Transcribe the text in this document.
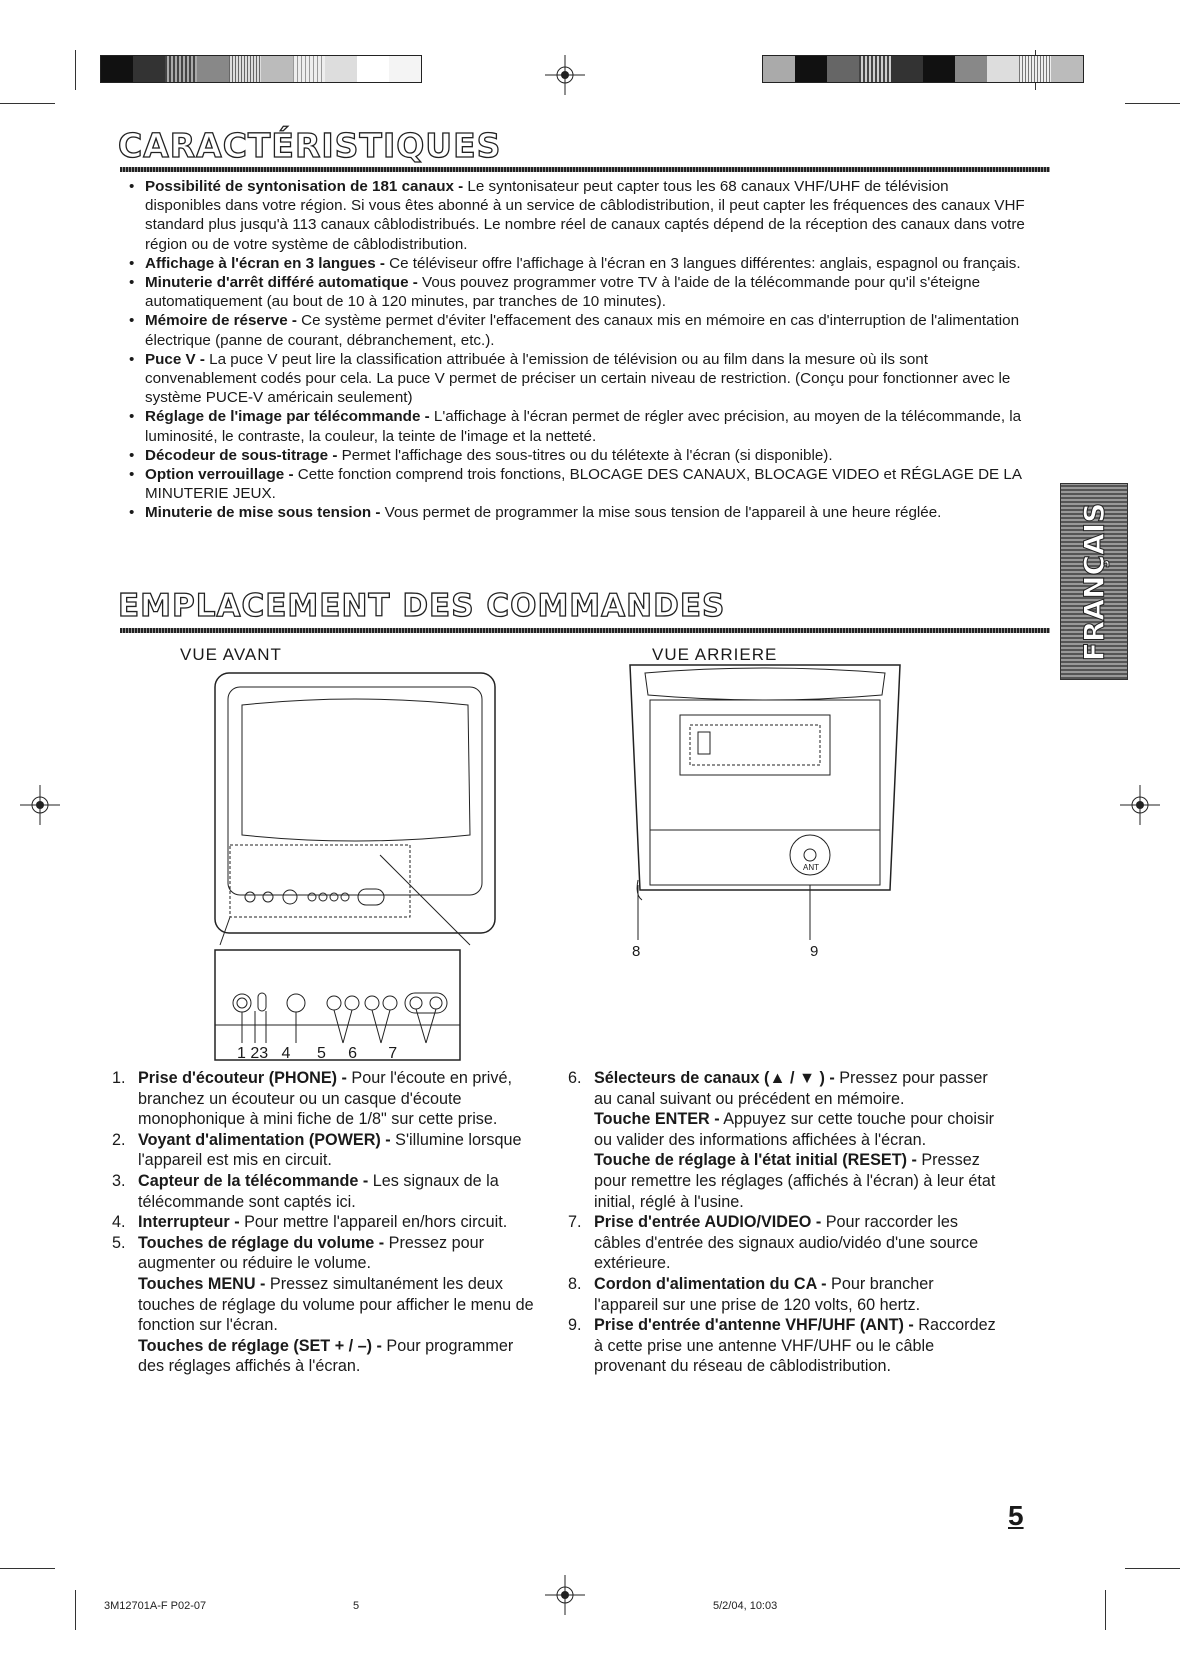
CARACTÉRISTIQUES
• Possibilité de syntonisation de 181 canaux - Le syntonisateur peut capter tous les 68 canaux VHF/UHF de télévision disponibles dans votre région. Si vous êtes abonné à un service de câblodistribution, il peut capter les fréquences des canaux VHF standard plus jusqu'à 113 canaux câblodistribués. Le nombre réel de canaux captés dépend de la réception des canaux dans votre région ou de votre système de câblodistribution.
• Affichage à l'écran en 3 langues - Ce téléviseur offre l'affichage à l'écran en 3 langues différentes: anglais, espagnol ou français.
• Minuterie d'arrêt différé automatique - Vous pouvez programmer votre TV à l'aide de la télécommande pour qu'il s'éteigne automatiquement (au bout de 10 à 120 minutes, par tranches de 10 minutes).
• Mémoire de réserve - Ce système permet d'éviter l'effacement des canaux mis en mémoire en cas d'interruption de l'alimentation électrique (panne de courant, débranchement, etc.).
• Puce V - La puce V peut lire la classification attribuée à l'emission de télévision ou au film dans la mesure où ils sont convenablement codés pour cela. La puce V permet de préciser un certain niveau de restriction. (Conçu pour fonctionner avec le système PUCE-V américain seulement)
• Réglage de l'image par télécommande - L'affichage à l'écran permet de régler avec précision, au moyen de la télécommande, la luminosité, le contraste, la couleur, la teinte de l'image et la netteté.
• Décodeur de sous-titrage - Permet l'affichage des sous-titres ou du télétexte à l'écran (si disponible).
• Option verrouillage - Cette fonction comprend trois fonctions, BLOCAGE DES CANAUX, BLOCAGE VIDEO et RÉGLAGE DE LA MINUTERIE JEUX.
• Minuterie de mise sous tension - Vous permet de programmer la mise sous tension de l'appareil à une heure réglée.	FRANÇAIS
EMPLACEMENT DES COMMANDES
VUE AVANT	VUE ARRIERE
1 23   4      5     6       7
ANT
8	9
1. Prise d'écouteur (PHONE) - Pour l'écoute en privé, branchez un écouteur ou un casque d'écoute monophonique à mini fiche de 1/8" sur cette prise.
2. Voyant d'alimentation (POWER) - S'illumine lorsque l'appareil est mis en circuit.
3. Capteur de la télécommande - Les signaux de la télécommande sont captés ici.
4. Interrupteur - Pour mettre l'appareil en/hors circuit.
5. Touches de réglage du volume - Pressez pour augmenter ou réduire le volume.
Touches MENU - Pressez simultanément les deux touches de réglage du volume pour afficher le menu de fonction sur l'écran.
Touches de réglage (SET + / –) - Pour programmer des réglages affichés à l'écran.
6. Sélecteurs de canaux (▲ / ▼ ) - Pressez pour passer au canal suivant ou précédent en mémoire.
Touche ENTER - Appuyez sur cette touche pour choisir ou valider des informations affichées à l'écran.
Touche de réglage à l'état initial (RESET) - Pressez pour remettre les réglages (affichés à l'écran) à leur état initial, réglé à l'usine.
7. Prise d'entrée AUDIO/VIDEO - Pour raccorder les câbles d'entrée des signaux audio/vidéo d'une source extérieure.
8. Cordon d'alimentation du CA - Pour brancher l'appareil sur une prise de 120 volts, 60 hertz.
9. Prise d'entrée d'antenne VHF/UHF (ANT) - Raccordez à cette prise une antenne VHF/UHF ou le câble provenant du réseau de câblodistribution.
5
3M12701A-F P02-07	5	5/2/04, 10:03
